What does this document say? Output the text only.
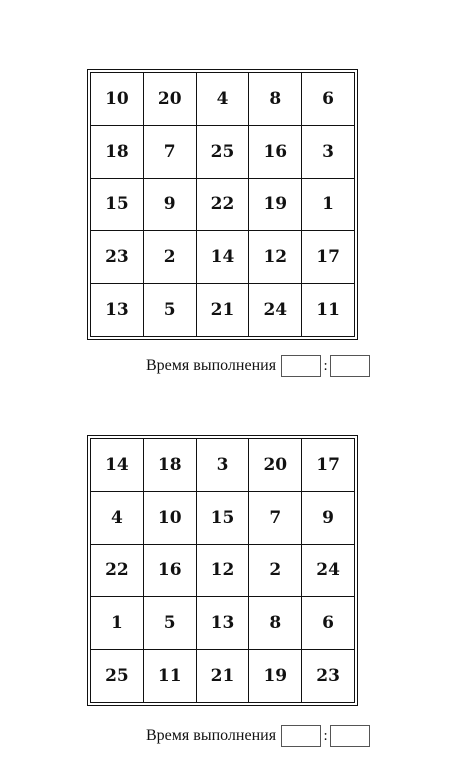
10	20	4	8	6
18	7	25	16	3
15	9	22	19	1
23	2	14	12	17
13	5	21	24	11
Время выполнения	:
14	18	3	20	17
4	10	15	7	9
22	16	12	2	24
1	5	13	8	6
25	11	21	19	23
Время выполнения	:
